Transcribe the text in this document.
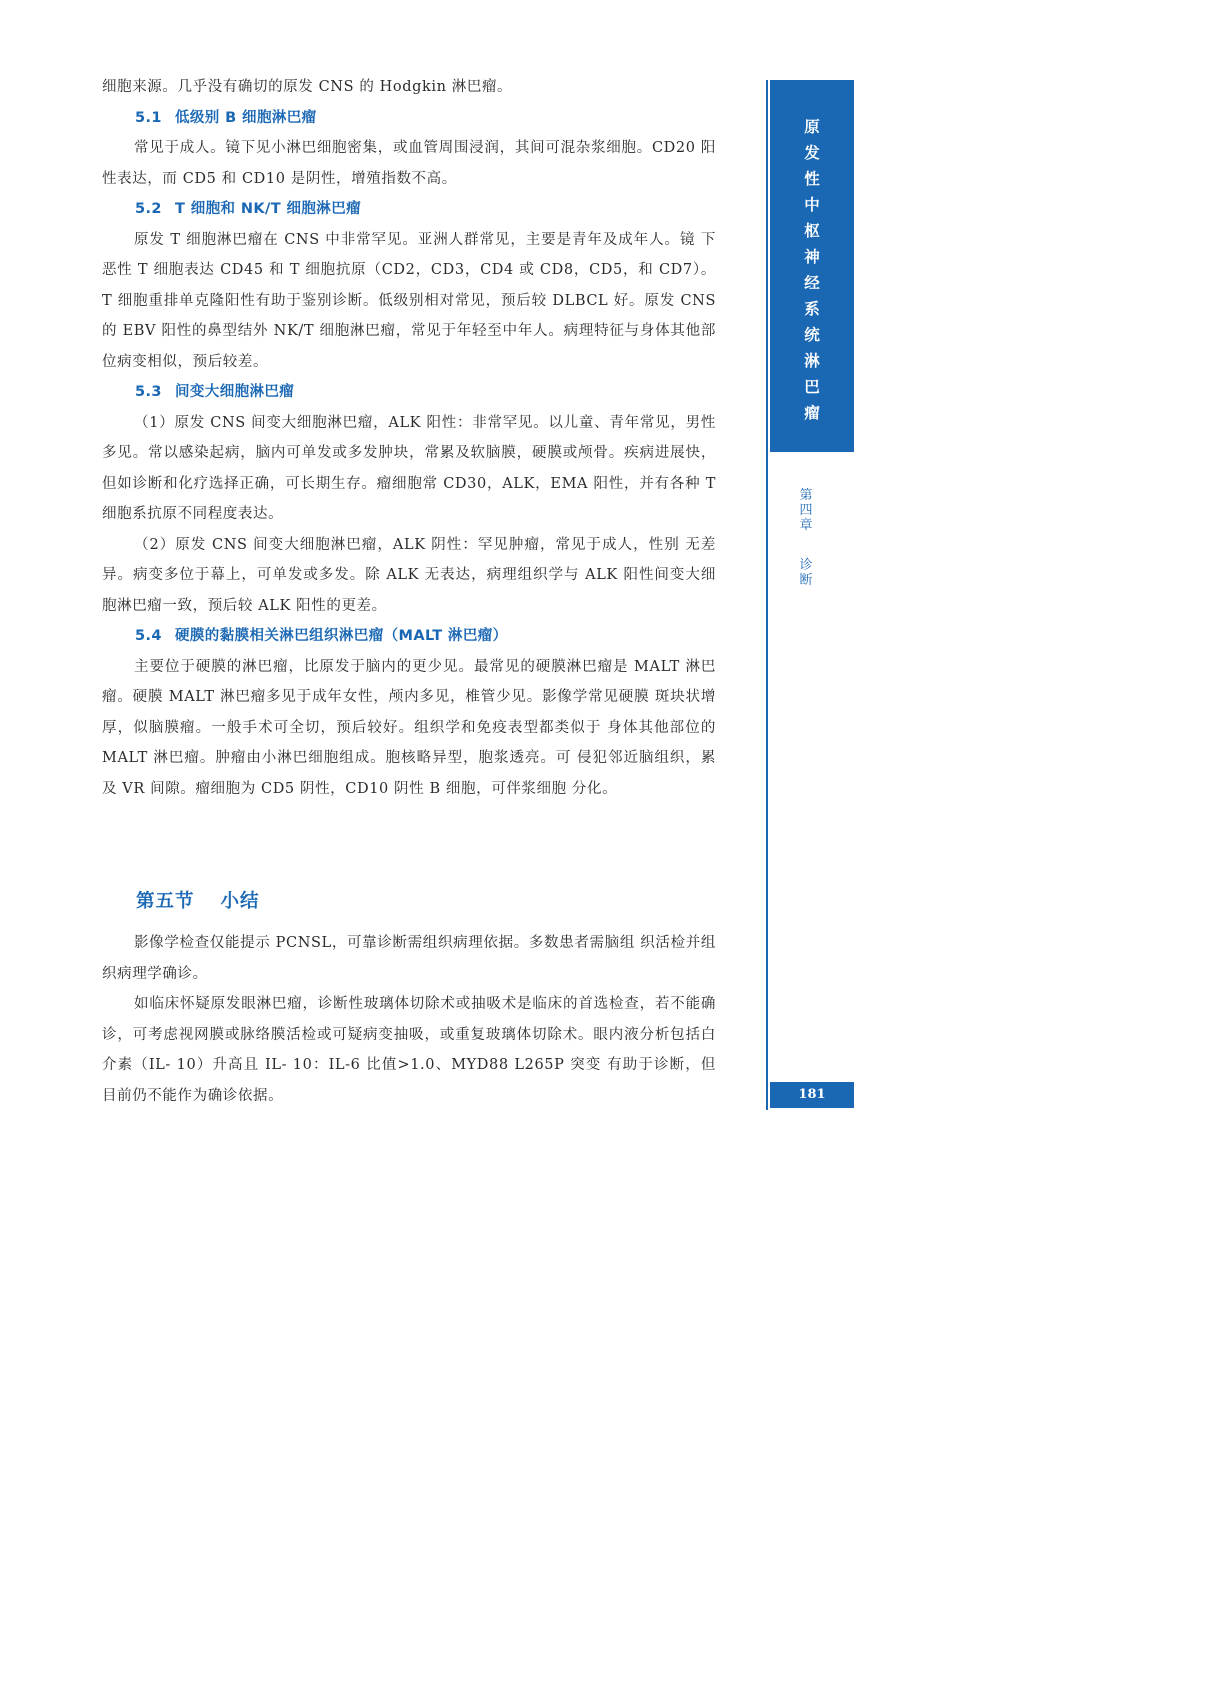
细胞来源。几乎没有确切的原发 CNS 的 Hodgkin 淋巴瘤。

5.1 低级别 B 细胞淋巴瘤

常见于成人。镜下见小淋巴细胞密集，或血管周围浸润，其间可混杂浆细胞。CD20 阳性表达，而 CD5 和 CD10 是阴性，增殖指数不高。

5.2 T 细胞和 NK/T 细胞淋巴瘤

原发 T 细胞淋巴瘤在 CNS 中非常罕见。亚洲人群常见，主要是青年及成年人。镜 下恶性 T 细胞表达 CD45 和 T 细胞抗原（CD2，CD3，CD4 或 CD8，CD5，和 CD7）。T 细胞重排单克隆阳性有助于鉴别诊断。低级别相对常见，预后较 DLBCL 好。原发 CNS 的 EBV 阳性的鼻型结外 NK/T 细胞淋巴瘤，常见于年轻至中年人。病理特征与身体其他部位病变相似，预后较差。

5.3 间变大细胞淋巴瘤

（1）原发 CNS 间变大细胞淋巴瘤，ALK 阳性：非常罕见。以儿童、青年常见，男性多见。常以感染起病，脑内可单发或多发肿块，常累及软脑膜，硬膜或颅骨。疾病进展快，但如诊断和化疗选择正确，可长期生存。瘤细胞常 CD30，ALK，EMA 阳性，并有各种 T 细胞系抗原不同程度表达。

（2）原发 CNS 间变大细胞淋巴瘤，ALK 阴性：罕见肿瘤，常见于成人，性别 无差异。病变多位于幕上，可单发或多发。除 ALK 无表达，病理组织学与 ALK 阳性间变大细胞淋巴瘤一致，预后较 ALK 阳性的更差。

5.4 硬膜的黏膜相关淋巴组织淋巴瘤（MALT 淋巴瘤）

主要位于硬膜的淋巴瘤，比原发于脑内的更少见。最常见的硬膜淋巴瘤是 MALT 淋巴瘤。硬膜 MALT 淋巴瘤多见于成年女性，颅内多见，椎管少见。影像学常见硬膜 斑块状增厚，似脑膜瘤。一般手术可全切，预后较好。组织学和免疫表型都类似于 身体其他部位的 MALT 淋巴瘤。肿瘤由小淋巴细胞组成。胞核略异型，胞浆透亮。可 侵犯邻近脑组织，累及 VR 间隙。瘤细胞为 CD5 阴性，CD10 阴性 B 细胞，可伴浆细胞 分化。

第五节 小结

影像学检查仅能提示 PCNSL，可靠诊断需组织病理依据。多数患者需脑组 织活检并组织病理学确诊。

如临床怀疑原发眼淋巴瘤，诊断性玻璃体切除术或抽吸术是临床的首选检查，若不能确诊，可考虑视网膜或脉络膜活检或可疑病变抽吸，或重复玻璃体切除术。眼内液分析包括白介素（IL- 10）升高且 IL- 10：IL-6 比值>1.0、MYD88 L265P 突变 有助于诊断，但目前仍不能作为确诊依据。

原
发
性
中
枢
神
经
系
统
淋
巴
瘤
第
四
章
诊
断
181
